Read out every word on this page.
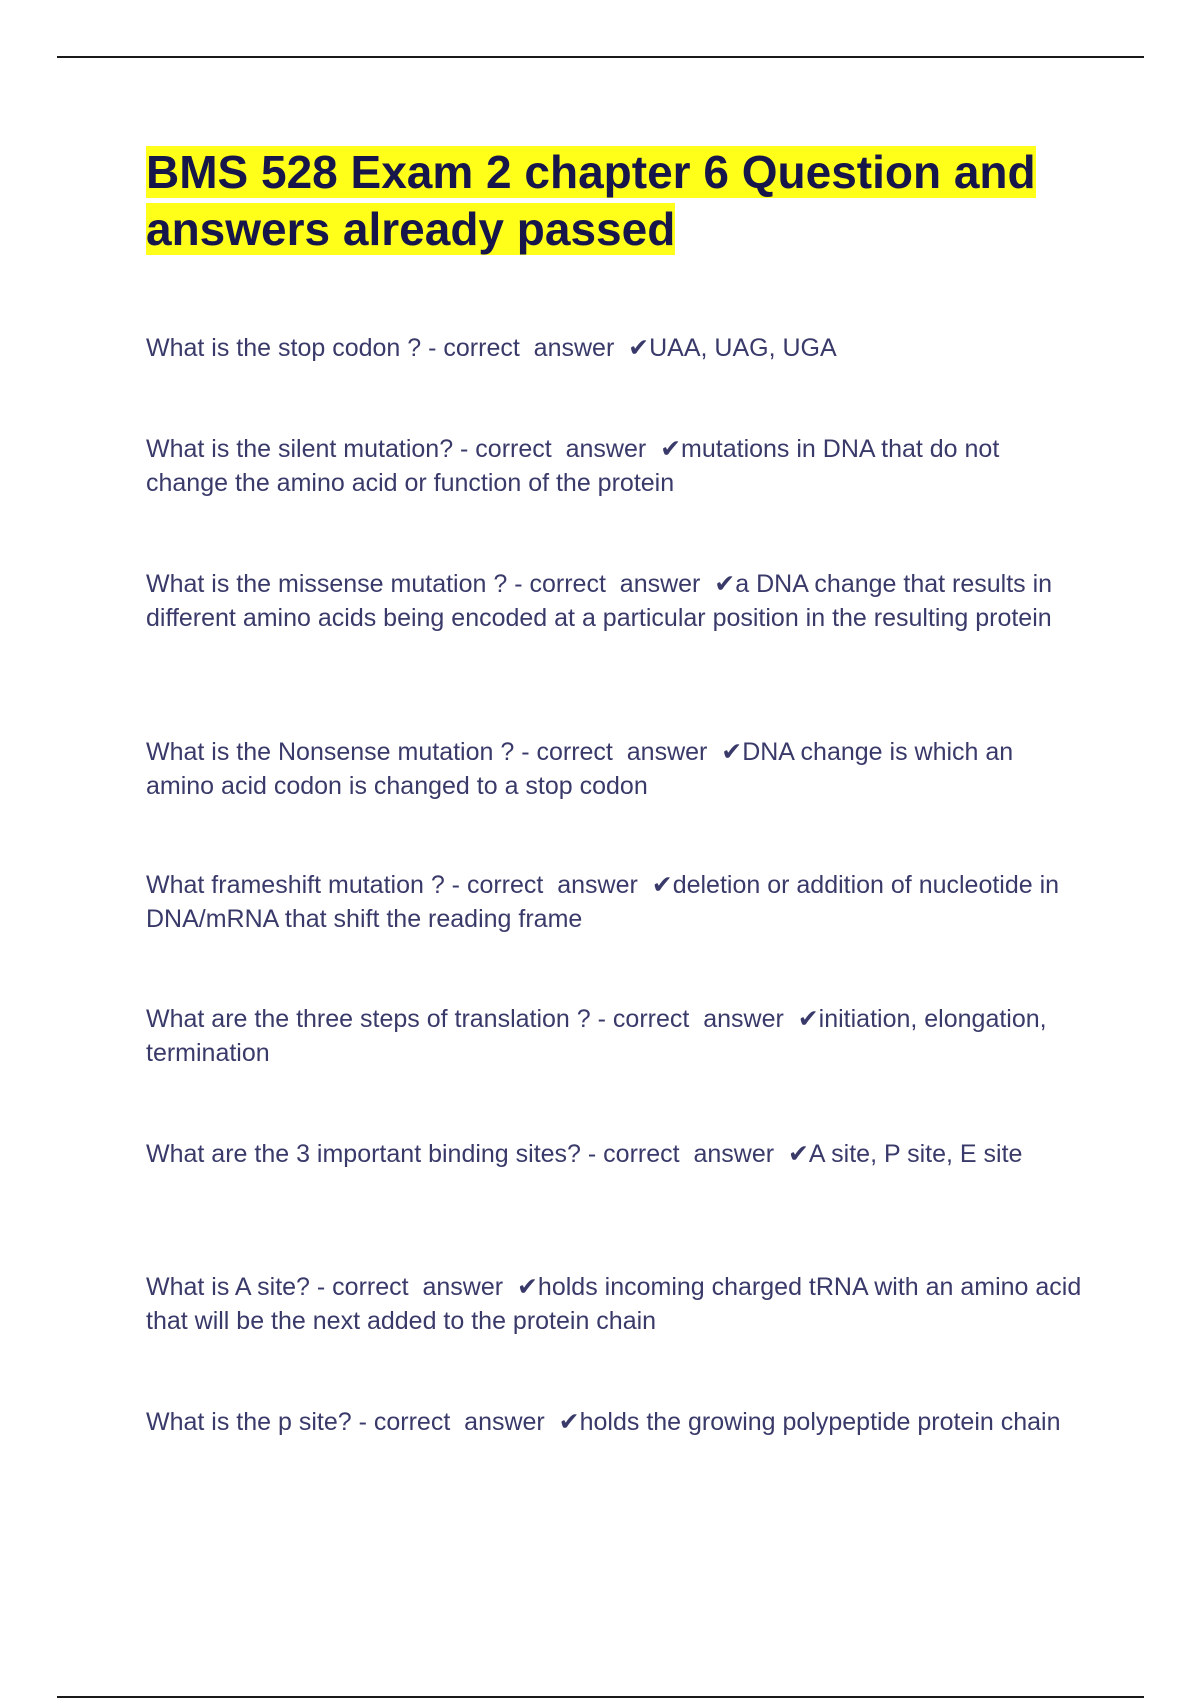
BMS 528 Exam 2 chapter 6 Question and answers already passed

What is the stop codon ? - correct  answer  ✔UAA, UAG, UGA

What is the silent mutation? - correct  answer  ✔mutations in DNA that do not change the amino acid or function of the protein

What is the missense mutation ? - correct  answer  ✔a DNA change that results in different amino acids being encoded at a particular position in the resulting protein

What is the Nonsense mutation ? - correct  answer  ✔DNA change is which an amino acid codon is changed to a stop codon

What frameshift mutation ? - correct  answer  ✔deletion or addition of nucleotide in DNA/mRNA that shift the reading frame

What are the three steps of translation ? - correct  answer  ✔initiation, elongation, termination

What are the 3 important binding sites? - correct  answer  ✔A site, P site, E site

What is A site? - correct  answer  ✔holds incoming charged tRNA with an amino acid that will be the next added to the protein chain

What is the p site? - correct  answer  ✔holds the growing polypeptide protein chain
